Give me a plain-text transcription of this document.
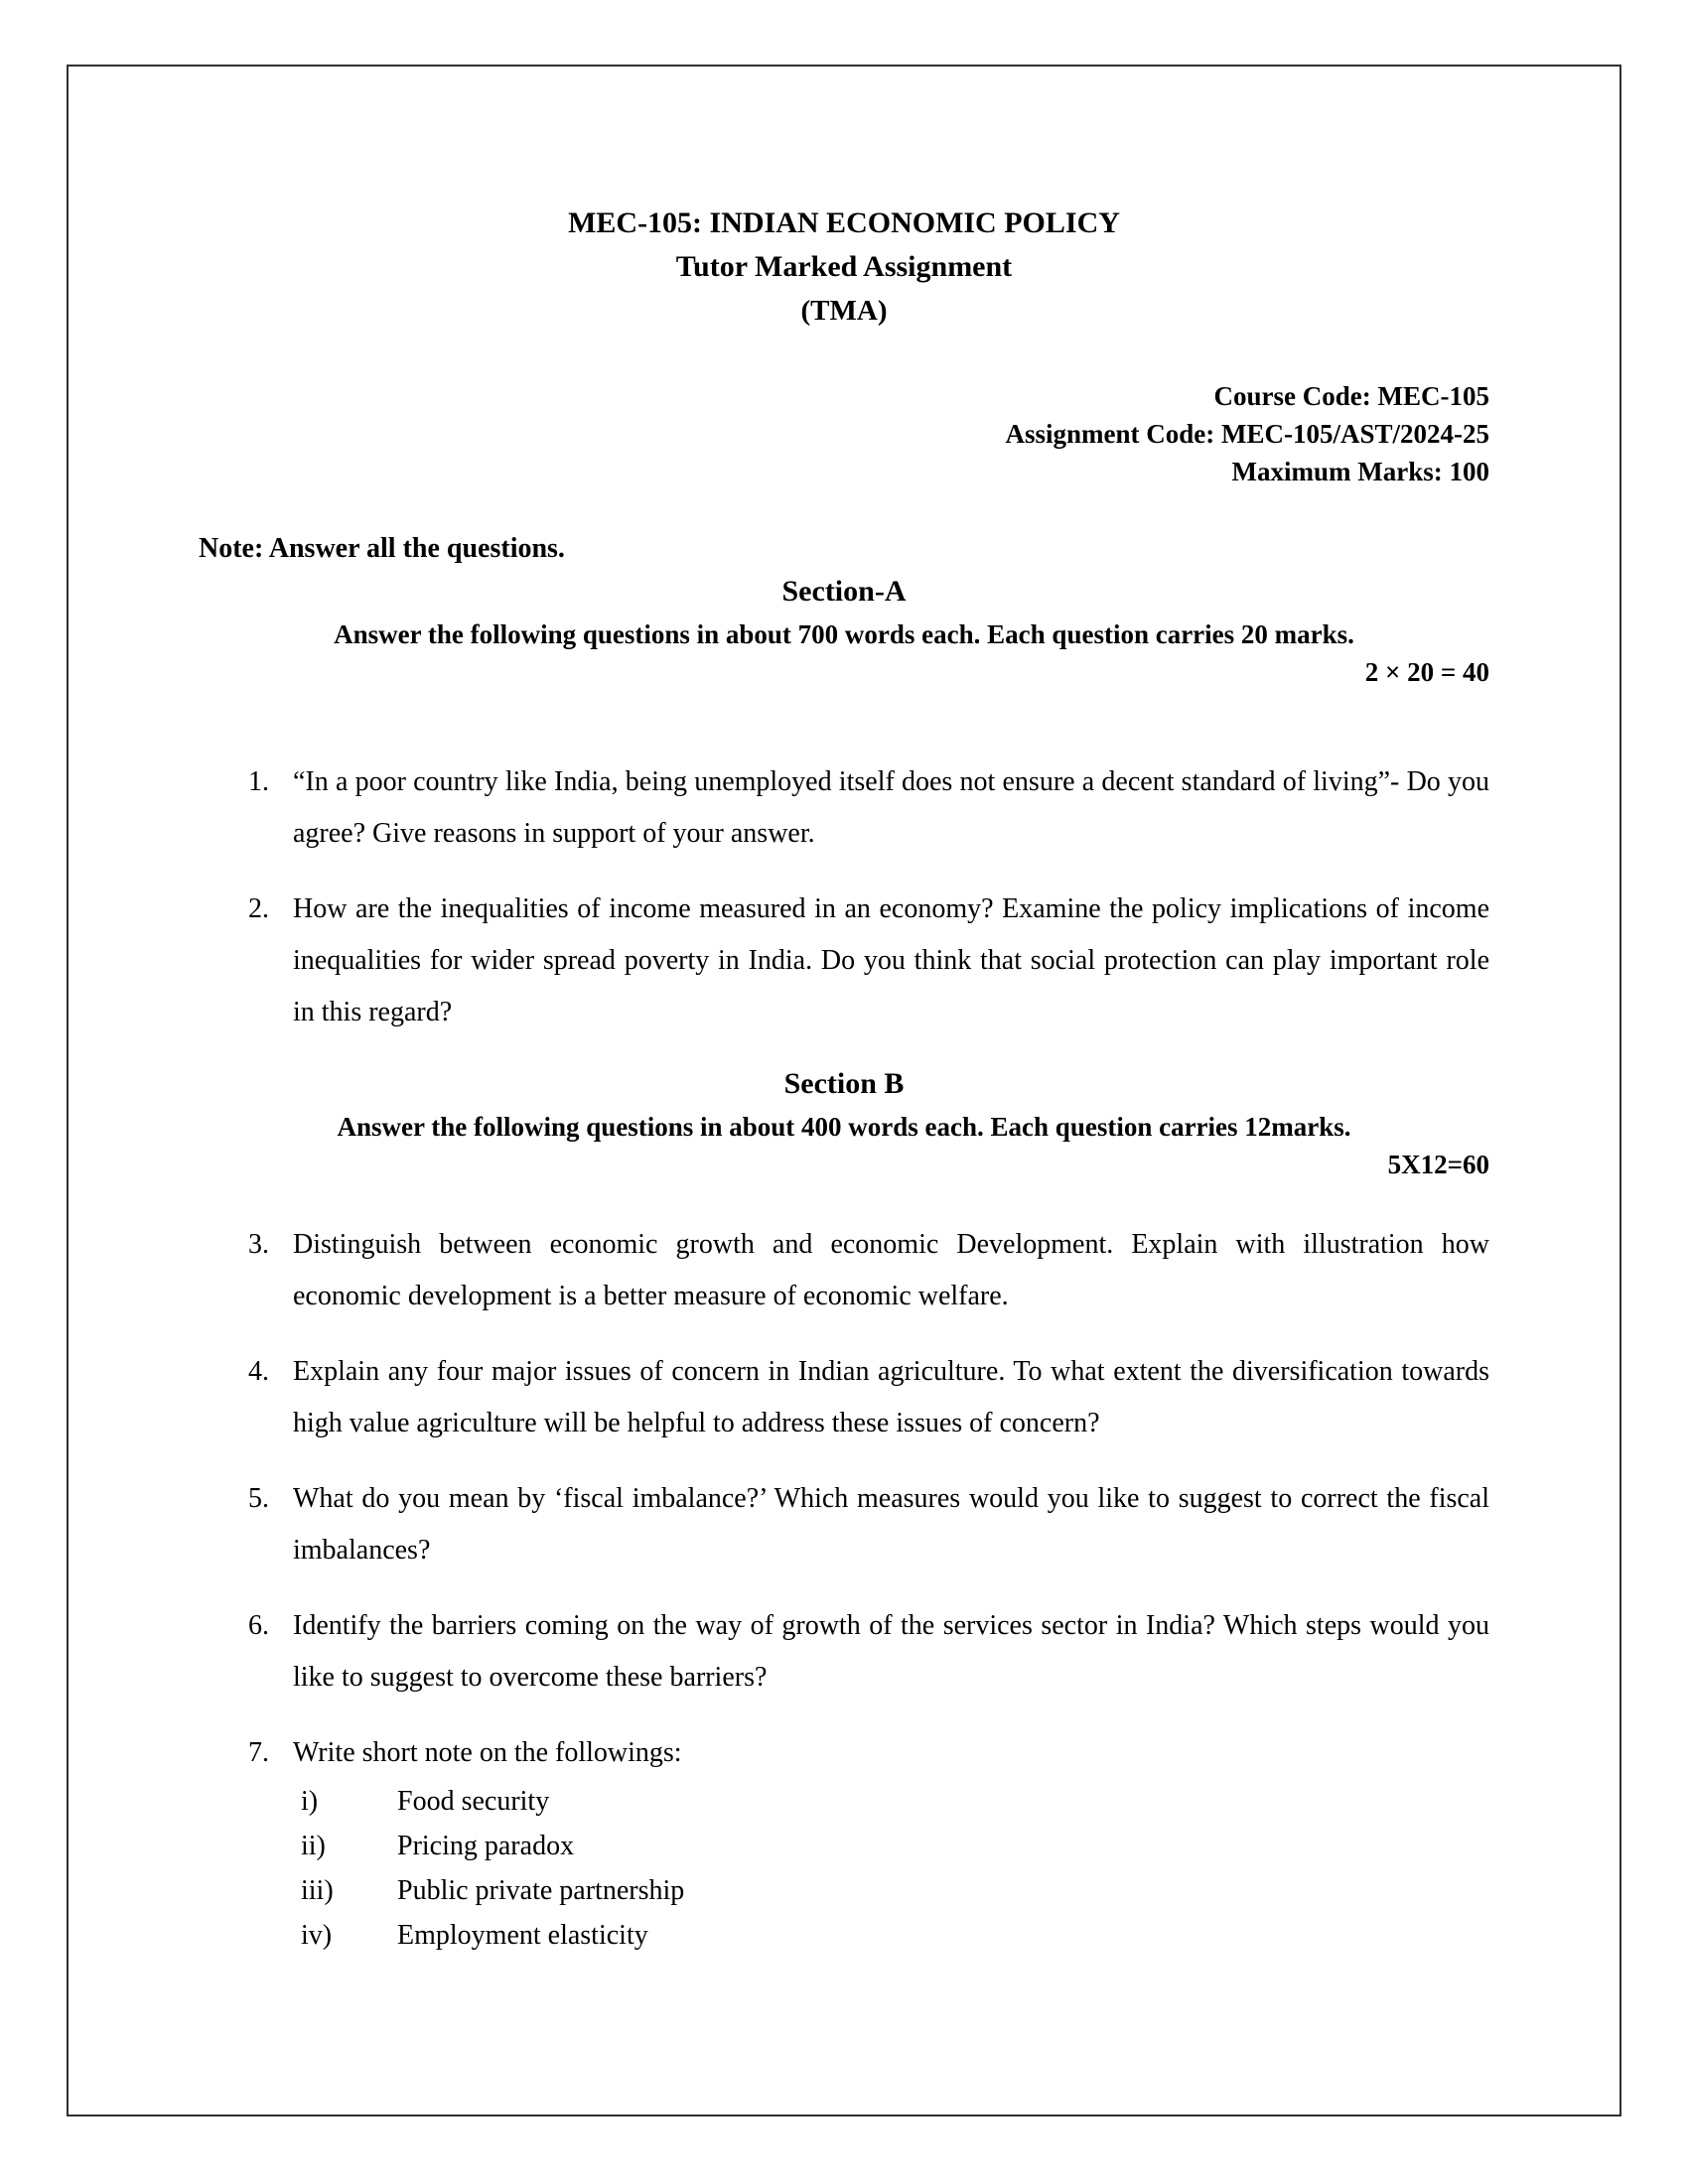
MEC-105: INDIAN ECONOMIC POLICY
Tutor Marked Assignment
(TMA)
Course Code: MEC-105
Assignment Code: MEC-105/AST/2024-25
Maximum Marks: 100
Note: Answer all the questions.
Section-A
Answer the following questions in about 700 words each. Each question carries 20 marks.
2 × 20 = 40
1. “In a poor country like India, being unemployed itself does not ensure a decent standard of living”- Do you agree? Give reasons in support of your answer.
2. How are the inequalities of income measured in an economy? Examine the policy implications of income inequalities for wider spread poverty in India. Do you think that social protection can play important role in this regard?
Section B
Answer the following questions in about 400 words each. Each question carries 12marks.
5X12=60
3. Distinguish between economic growth and economic Development. Explain with illustration how economic development is a better measure of economic welfare.
4. Explain any four major issues of concern in Indian agriculture. To what extent the diversification towards high value agriculture will be helpful to address these issues of concern?
5. What do you mean by ‘fiscal imbalance?’ Which measures would you like to suggest to correct the fiscal imbalances?
6. Identify the barriers coming on the way of growth of the services sector in India? Which steps would you like to suggest to overcome these barriers?
7. Write short note on the followings:
i)	Food security
ii)	Pricing paradox
iii)	Public private partnership
iv)	Employment elasticity
